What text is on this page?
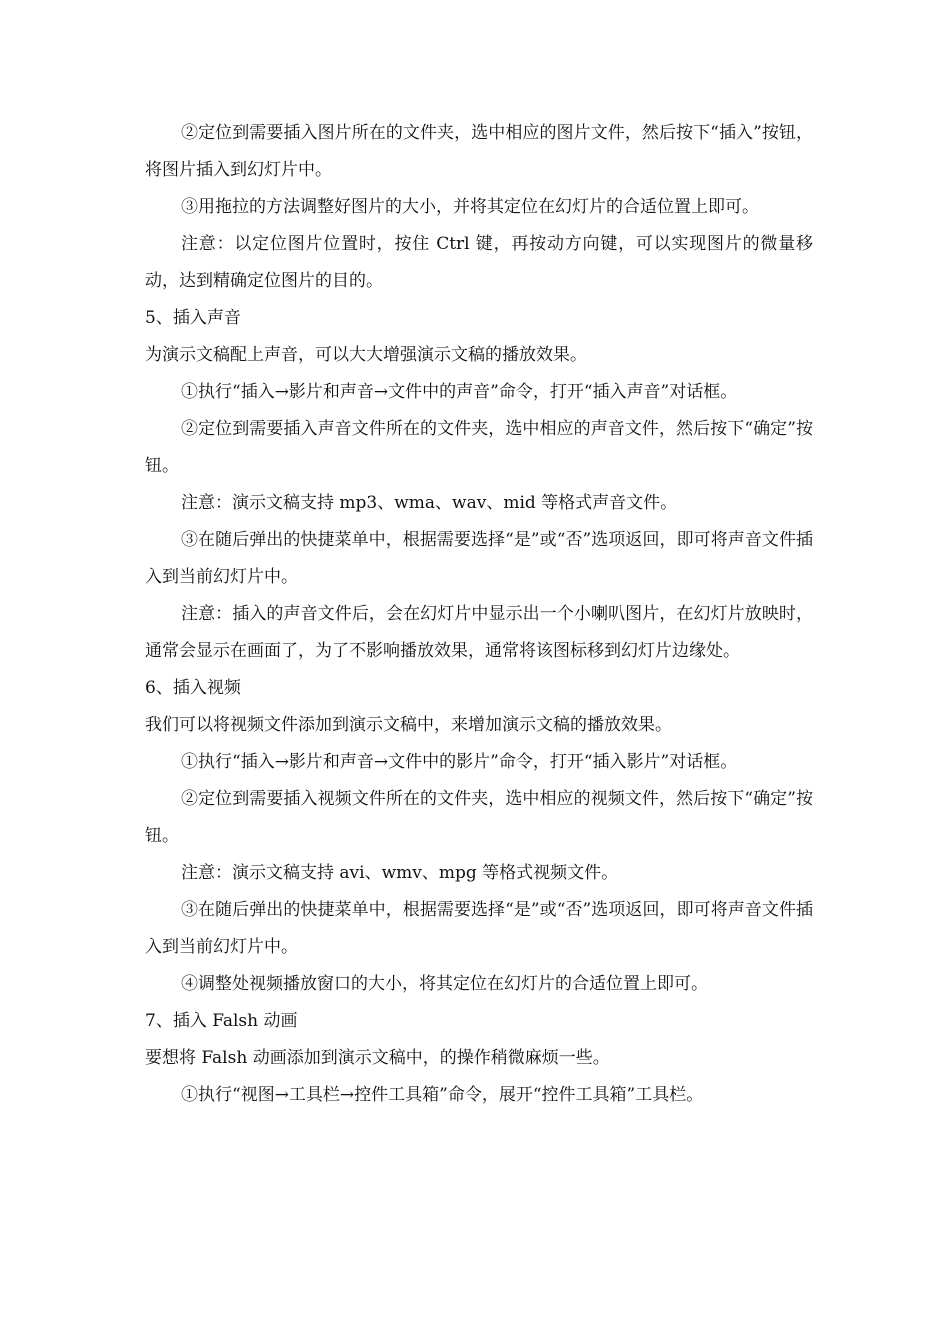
②定位到需要插入图片所在的文件夹，选中相应的图片文件，然后按下“插入”按钮，将图片插入到幻灯片中。

③用拖拉的方法调整好图片的大小，并将其定位在幻灯片的合适位置上即可。

注意：以定位图片位置时，按住 Ctrl 键，再按动方向键，可以实现图片的微量移动，达到精确定位图片的目的。

5、插入声音

为演示文稿配上声音，可以大大增强演示文稿的播放效果。

①执行“插入→影片和声音→文件中的声音”命令，打开“插入声音”对话框。

②定位到需要插入声音文件所在的文件夹，选中相应的声音文件，然后按下“确定”按钮。

注意：演示文稿支持 mp3、wma、wav、mid 等格式声音文件。

③在随后弹出的快捷菜单中，根据需要选择“是”或“否”选项返回，即可将声音文件插入到当前幻灯片中。

注意：插入的声音文件后，会在幻灯片中显示出一个小喇叭图片，在幻灯片放映时，通常会显示在画面了，为了不影响播放效果，通常将该图标移到幻灯片边缘处。

6、插入视频

我们可以将视频文件添加到演示文稿中，来增加演示文稿的播放效果。

①执行“插入→影片和声音→文件中的影片”命令，打开“插入影片”对话框。

②定位到需要插入视频文件所在的文件夹，选中相应的视频文件，然后按下“确定”按钮。

注意：演示文稿支持 avi、wmv、mpg 等格式视频文件。

③在随后弹出的快捷菜单中，根据需要选择“是”或“否”选项返回，即可将声音文件插入到当前幻灯片中。

④调整处视频播放窗口的大小，将其定位在幻灯片的合适位置上即可。

7、插入 Falsh 动画

要想将 Falsh 动画添加到演示文稿中，的操作稍微麻烦一些。

①执行“视图→工具栏→控件工具箱”命令，展开“控件工具箱”工具栏。
